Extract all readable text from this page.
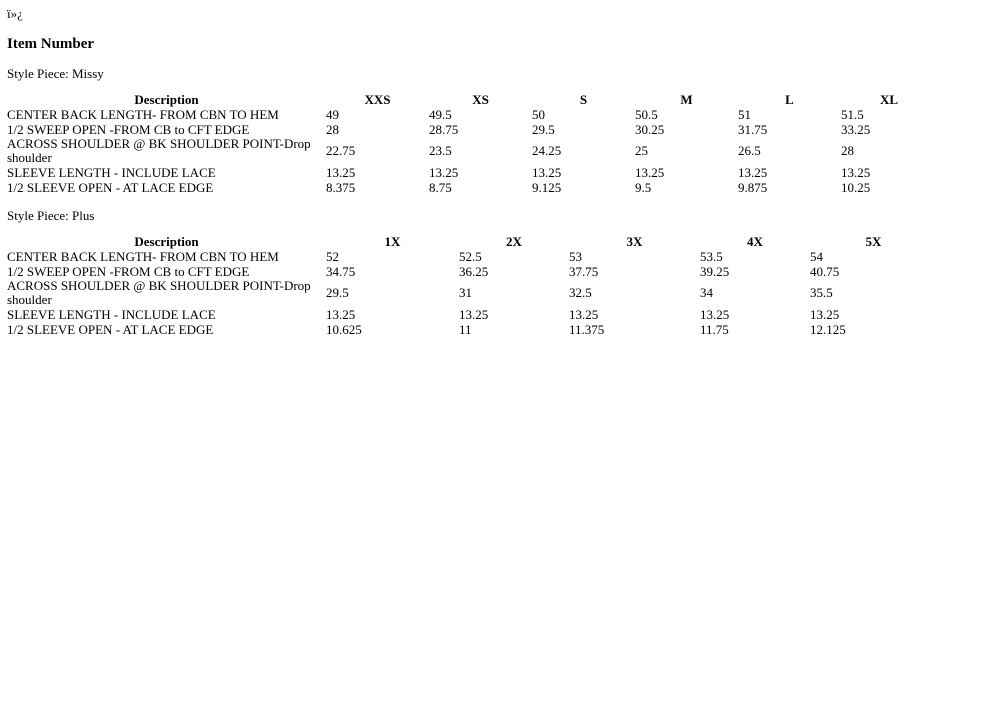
ï»¿
Item Number
Style Piece: Missy
Description	XXS	XS	S	M	L	XL
CENTER BACK LENGTH- FROM CBN TO HEM	49	49.5	50	50.5	51	51.5
1/2 SWEEP OPEN -FROM CB to CFT EDGE	28	28.75	29.5	30.25	31.75	33.25
ACROSS SHOULDER @ BK SHOULDER POINT-Drop shoulder	22.75	23.5	24.25	25	26.5	28
SLEEVE LENGTH - INCLUDE LACE	13.25	13.25	13.25	13.25	13.25	13.25
1/2 SLEEVE OPEN - AT LACE EDGE	8.375	8.75	9.125	9.5	9.875	10.25
Style Piece: Plus
Description	1X	2X	3X	4X	5X
CENTER BACK LENGTH- FROM CBN TO HEM	52	52.5	53	53.5	54
1/2 SWEEP OPEN -FROM CB to CFT EDGE	34.75	36.25	37.75	39.25	40.75
ACROSS SHOULDER @ BK SHOULDER POINT-Drop shoulder	29.5	31	32.5	34	35.5
SLEEVE LENGTH - INCLUDE LACE	13.25	13.25	13.25	13.25	13.25
1/2 SLEEVE OPEN - AT LACE EDGE	10.625	11	11.375	11.75	12.125
